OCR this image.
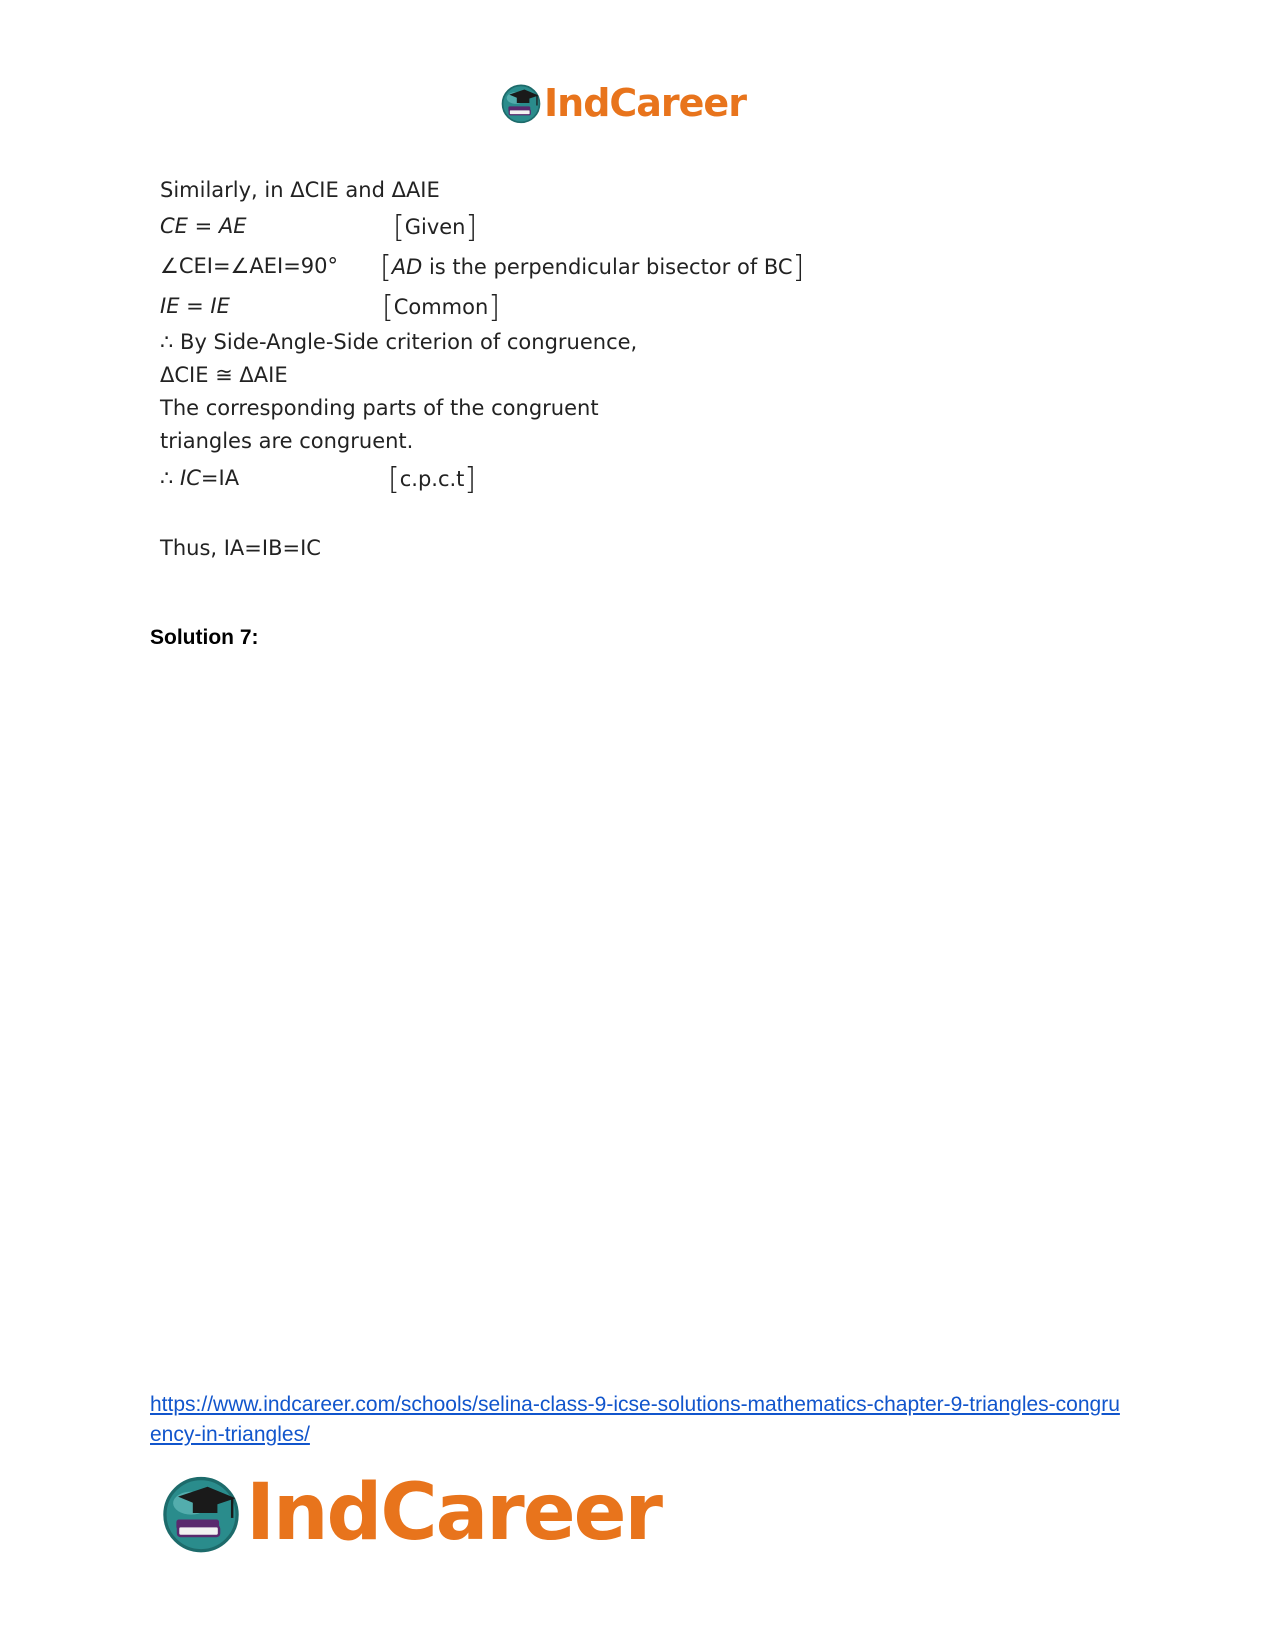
IndCareer
Similarly, in ΔCIE and ΔAIE
CE = AE	[Given]
∠CEI=∠AEI=90° [AD is the perpendicular bisector of BC]
IE = IE	[Common]
∴ By Side-Angle-Side criterion of congruence,
ΔCIE ≅ ΔAIE
The corresponding parts of the congruent
triangles are congruent.
∴ IC=IA	[c.p.c.t]
Thus, IA=IB=IC
Solution 7:
https://www.indcareer.com/schools/selina-class-9-icse-solutions-mathematics-chapter-9-triangles-congruency-in-triangles/
IndCareer
